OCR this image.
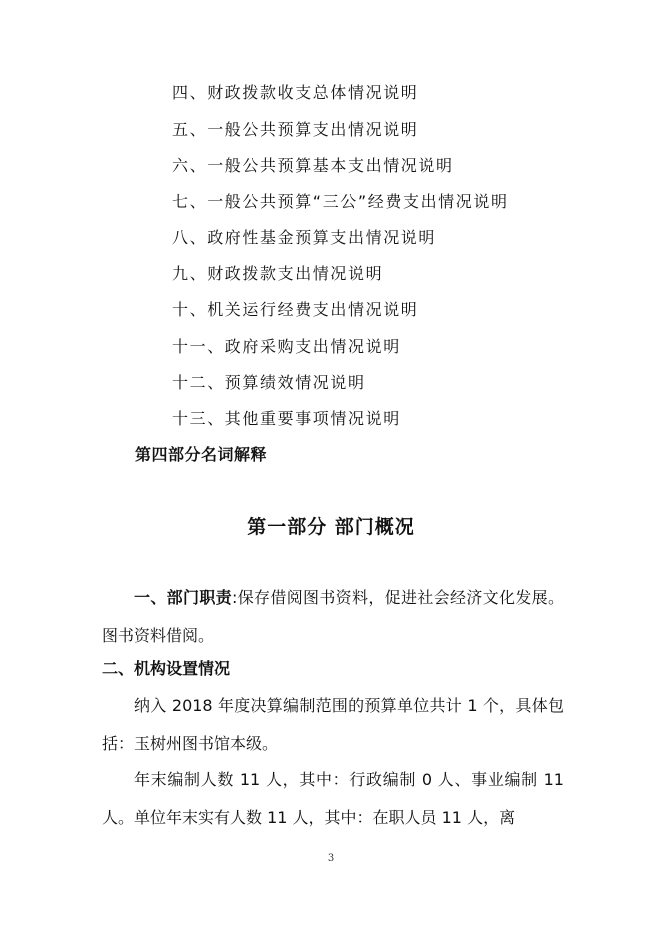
四、财政拨款收支总体情况说明
五、一般公共预算支出情况说明
六、一般公共预算基本支出情况说明
七、一般公共预算“三公”经费支出情况说明
八、政府性基金预算支出情况说明
九、财政拨款支出情况说明
十、机关运行经费支出情况说明
十一、政府采购支出情况说明
十二、预算绩效情况说明
十三、其他重要事项情况说明
第四部分名词解释
第一部分 部门概况
一、部门职责:保存借阅图书资料，促进社会经济文化发展。图书资料借阅。
二、机构设置情况
纳入 2018 年度决算编制范围的预算单位共计 1 个，具体包括：玉树州图书馆本级。
年末编制人数 11 人，其中：行政编制 0 人、事业编制 11 人。单位年末实有人数 11 人，其中：在职人员 11 人，离
3
